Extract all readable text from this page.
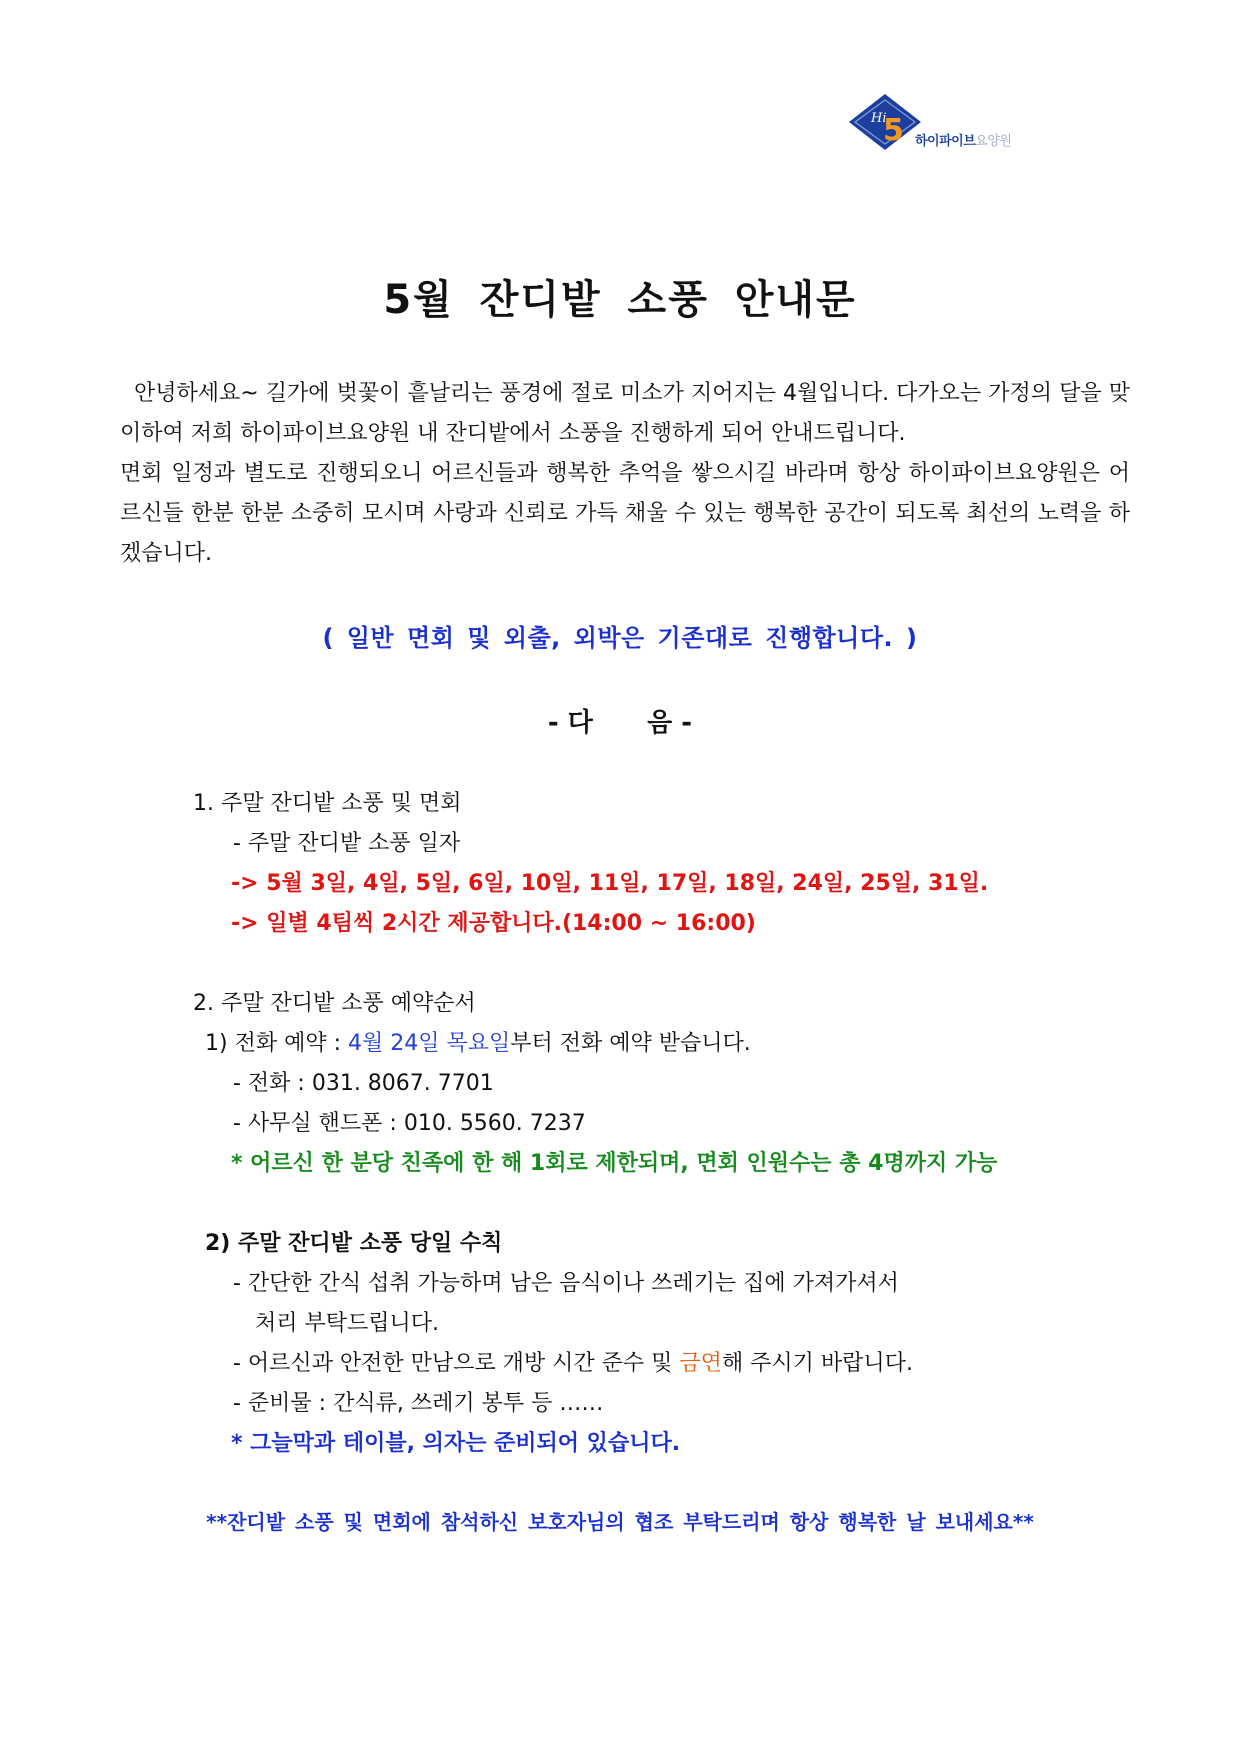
Hi
5 하이파이브요양원
5월 잔디밭 소풍 안내문

안녕하세요~ 길가에 벚꽃이 흩날리는 풍경에 절로 미소가 지어지는 4월입니다. 다가오는 가정의 달을 맞이하여 저희 하이파이브요양원 내 잔디밭에서 소풍을 진행하게 되어 안내드립니다.

면회 일정과 별도로 진행되오니 어르신들과 행복한 추억을 쌓으시길 바라며 항상 하이파이브요양원은 어르신들 한분 한분 소중히 모시며 사랑과 신뢰로 가득 채울 수 있는 행복한 공간이 되도록 최선의 노력을 하겠습니다.

( 일반 면회 및 외출, 외박은 기존대로 진행합니다. )
- 다      음 -
1. 주말 잔디밭 소풍 및 면회
- 주말 잔디밭 소풍 일자
-> 5월 3일, 4일, 5일, 6일, 10일, 11일, 17일, 18일, 24일, 25일, 31일.
-> 일별 4팀씩 2시간 제공합니다.(14:00 ~ 16:00)
2. 주말 잔디밭 소풍 예약순서
1) 전화 예약 : 4월 24일 목요일부터 전화 예약 받습니다.
- 전화 : 031. 8067. 7701
- 사무실 핸드폰 : 010. 5560. 7237
* 어르신 한 분당 친족에 한 해 1회로 제한되며, 면회 인원수는 총 4명까지 가능
2) 주말 잔디밭 소풍 당일 수칙
- 간단한 간식 섭취 가능하며 남은 음식이나 쓰레기는 집에 가져가셔서
처리 부탁드립니다.
- 어르신과 안전한 만남으로 개방 시간 준수 및 금연해 주시기 바랍니다.
- 준비물 : 간식류, 쓰레기 봉투 등 ……
* 그늘막과 테이블, 의자는 준비되어 있습니다.
**잔디밭 소풍 및 면회에 참석하신 보호자님의 협조 부탁드리며 항상 행복한 날 보내세요**
